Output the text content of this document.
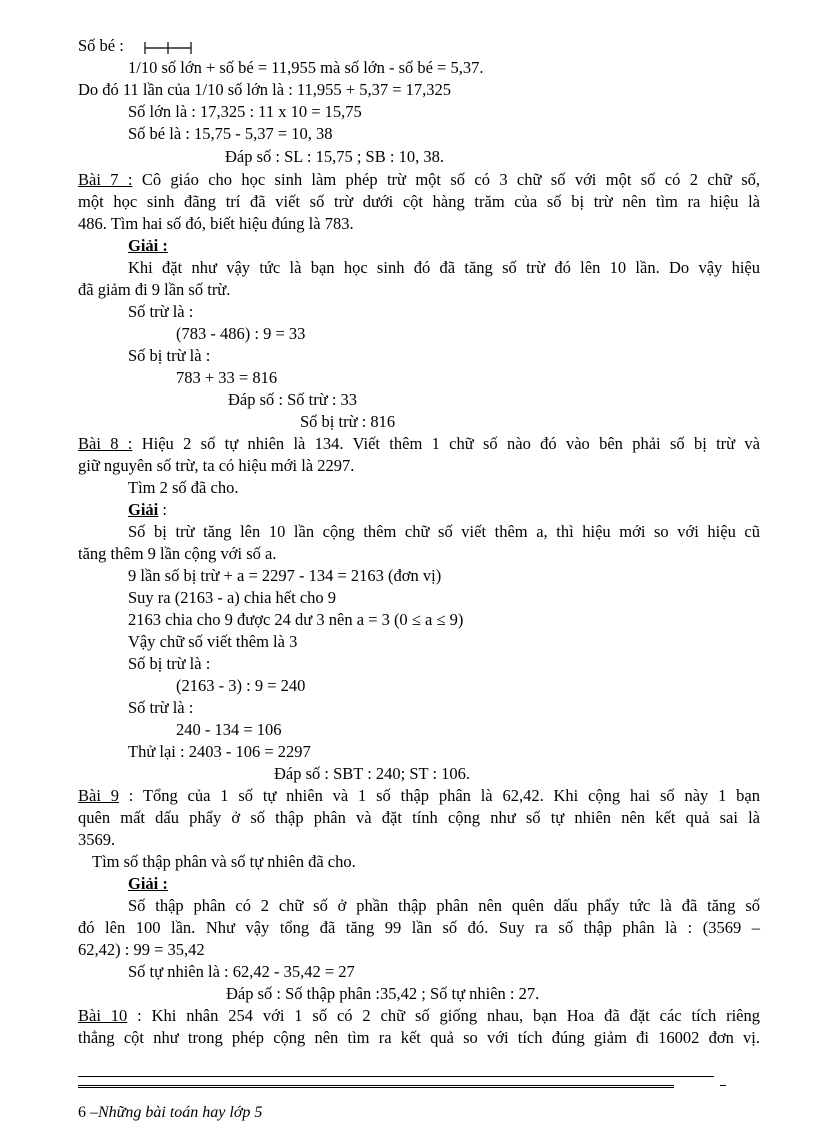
Số bé :
1/10 số lớn + số bé = 11,955 mà số lớn - số bé = 5,37.
Do đó 11 lần của 1/10 số lớn là : 11,955 + 5,37 = 17,325
Số lớn là : 17,325 : 11 x 10 = 15,75
Số bé là : 15,75 - 5,37 = 10, 38
Đáp số : SL : 15,75 ; SB : 10, 38.
Bài 7 : Cô giáo cho học sinh làm phép trừ một số có 3 chữ số với một số có 2 chữ số,
một học sinh đãng trí đã viết số trừ dưới cột hàng trăm của số bị trừ nên tìm ra hiệu là
486. Tìm hai số đó, biết hiệu đúng là 783.
Giải :
Khi đặt như vậy tức là bạn học sinh đó đã tăng số trừ đó lên 10 lần. Do vậy hiệu
đã giảm đi 9 lần số trừ.
Số trừ là :
(783 - 486) : 9 = 33
Số bị trừ là :
783 + 33 = 816
Đáp số : Số trừ : 33
Số bị trừ : 816
Bài 8 : Hiệu 2 số tự nhiên là 134. Viết thêm 1 chữ số nào đó vào bên phải số bị trừ và
giữ nguyên số trừ, ta có hiệu mới là 2297.
Tìm 2 số đã cho.
Giải :
Số bị trừ tăng lên 10 lần cộng thêm chữ số viết thêm a, thì hiệu mới so với hiệu cũ
tăng thêm 9 lần cộng với số a.
9 lần số bị trừ + a = 2297 - 134 = 2163 (đơn vị)
Suy ra (2163 - a) chia hết cho 9
2163 chia cho 9 được 24 dư 3 nên a = 3 (0 ≤ a ≤ 9)
Vậy chữ số viết thêm là 3
Số bị trừ là :
(2163 - 3) : 9 = 240
Số trừ là :
240 - 134 = 106
Thử lại : 2403 - 106 = 2297
Đáp số : SBT : 240; ST : 106.
Bài 9 : Tổng của 1 số tự nhiên và 1 số thập phân là 62,42. Khi cộng hai số này 1 bạn
quên mất dấu phẩy ở số thập phân và đặt tính cộng như số tự nhiên nên kết quả sai là
3569.
Tìm số thập phân và số tự nhiên đã cho.
Giải :
Số thập phân có 2 chữ số ở phần thập phân nên quên dấu phẩy tức là đã tăng số
đó lên 100 lần. Như vậy tổng đã tăng 99 lần số đó. Suy ra số thập phân là : (3569 –
62,42) : 99 = 35,42
Số tự nhiên là : 62,42 - 35,42 = 27
Đáp số : Số thập phân :35,42 ; Số tự nhiên : 27.
Bài 10 : Khi nhân 254 với 1 số có 2 chữ số giống nhau, bạn Hoa đã đặt các tích riêng
thẳng cột như trong phép cộng nên tìm ra kết quả so với tích đúng giảm đi 16002 đơn vị.
6 –Những bài toán hay lớp 5
